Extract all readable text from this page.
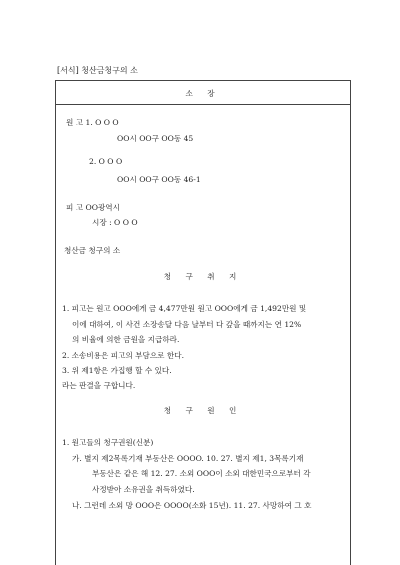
[서식] 청산금청구의 소
소 장
원 고 1. O O O
OO시 OO구 OO동 45
2. O O O
OO시 OO구 OO동 46-1
피 고 OO광역시
시장 : O O O
청산금 청구의 소
청 구 취 지
1. 피고는 원고 OOO에게 금 4,477만원 원고 OOO에게 금 1,492만원 및
이에 대하여, 이 사건 소장송달 다음 날부터 다 갚을 때까지는 연 12%
의 비율에 의한 금원을 지급하라.
2. 소송비용은 피고의 부담으로 한다.
3. 위 제1항은 가집행 할 수 있다.
라는 판결을 구합니다.
청 구 원 인
1. 원고들의 청구권원(신분)
가. 별지 제2목록기재 부동산은 OOOO. 10. 27. 별지 제1, 3목록기재
부동산은 같은 해 12. 27. 소외 OOO이 소외 대한민국으로부터 각
사정받아 소유권을 취득하였다.
나. 그런데 소외 망 OOO은 OOOO(소화 15년). 11. 27. 사망하여 그 호
